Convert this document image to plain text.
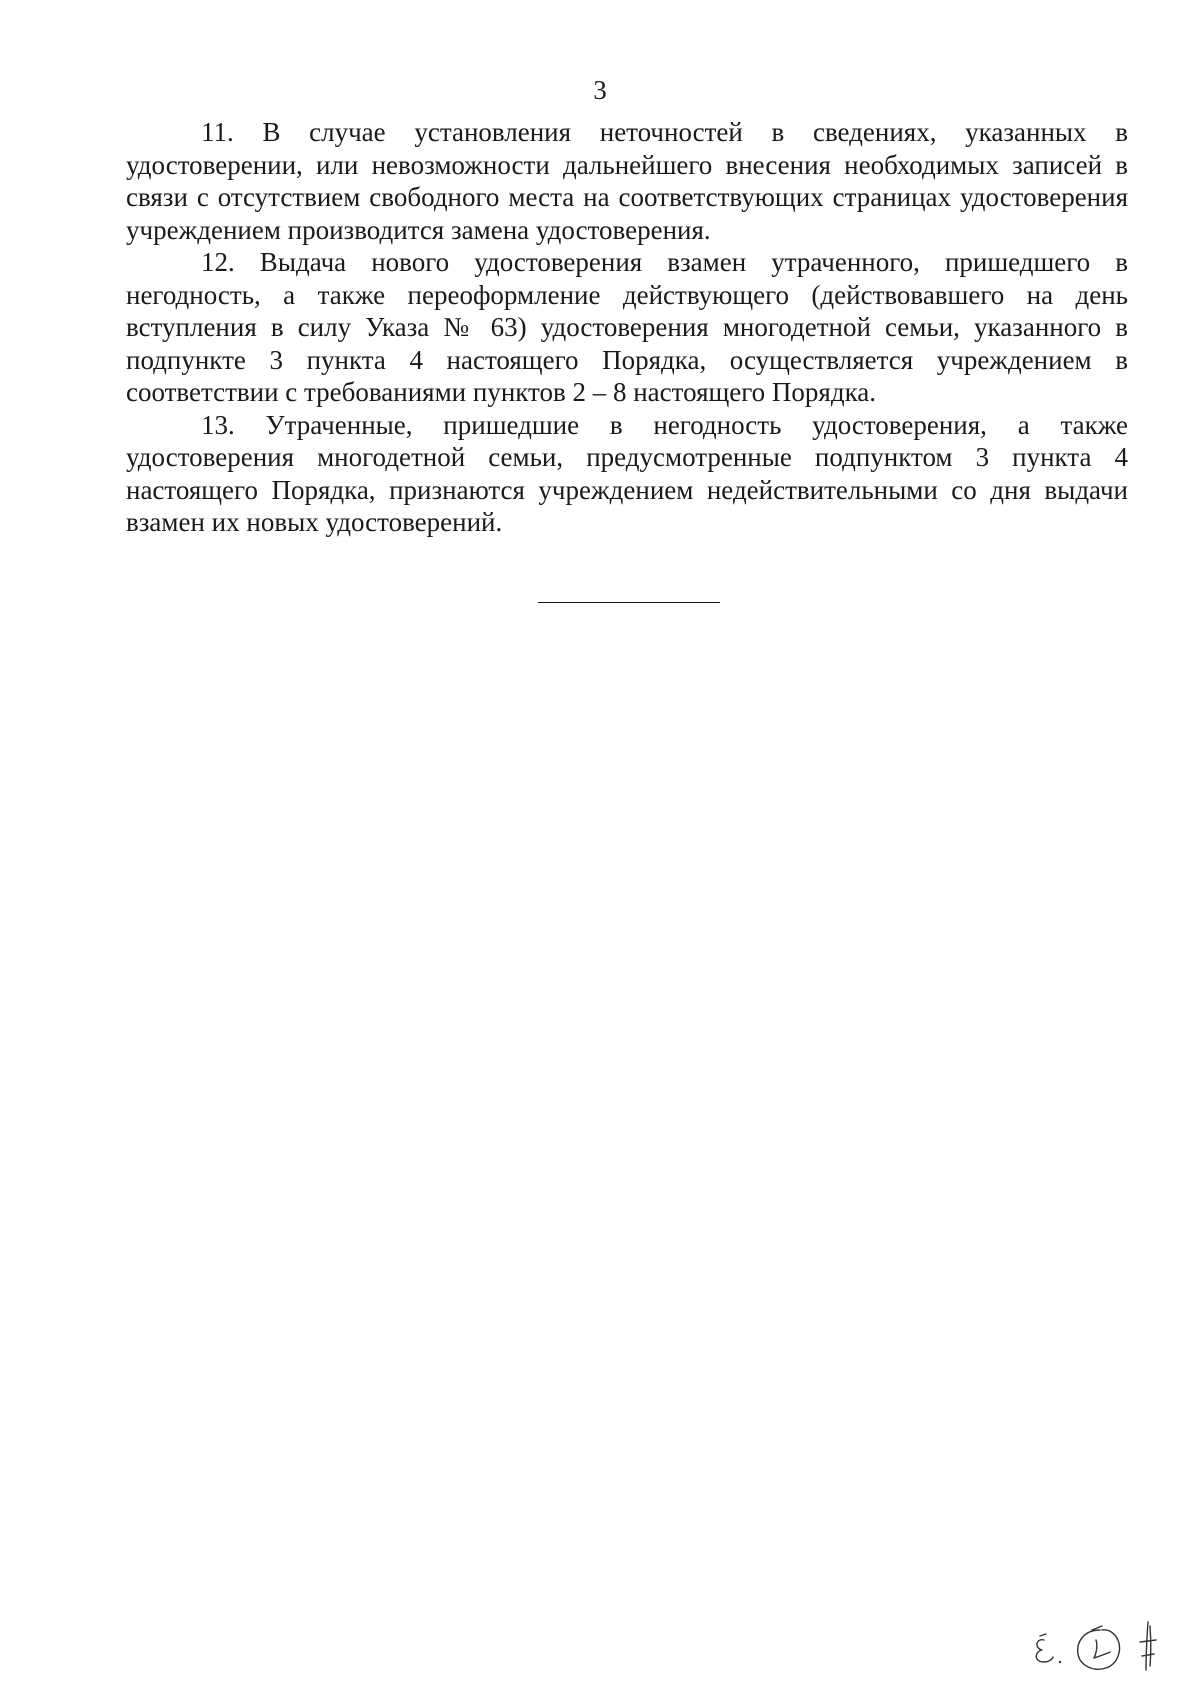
3

11. В случае установления неточностей в сведениях, указанных в удостоверении, или невозможности дальнейшего внесения необходимых записей в связи с отсутствием свободного места на соответствующих страницах удостоверения учреждением производится замена удостоверения.

12. Выдача нового удостоверения взамен утраченного, пришедшего в негодность, а также переоформление действующего (действовавшего на день вступления в силу Указа № 63) удостоверения многодетной семьи, указанного в подпункте 3 пункта 4 настоящего Порядка, осуществляется учреждением в соответствии с требованиями пунктов 2 – 8 настоящего Порядка.

13. Утраченные, пришедшие в негодность удостоверения, а также удостоверения многодетной семьи, предусмотренные подпунктом 3 пункта 4 настоящего Порядка, признаются учреждением недействительными со дня выдачи взамен их новых удостоверений.
